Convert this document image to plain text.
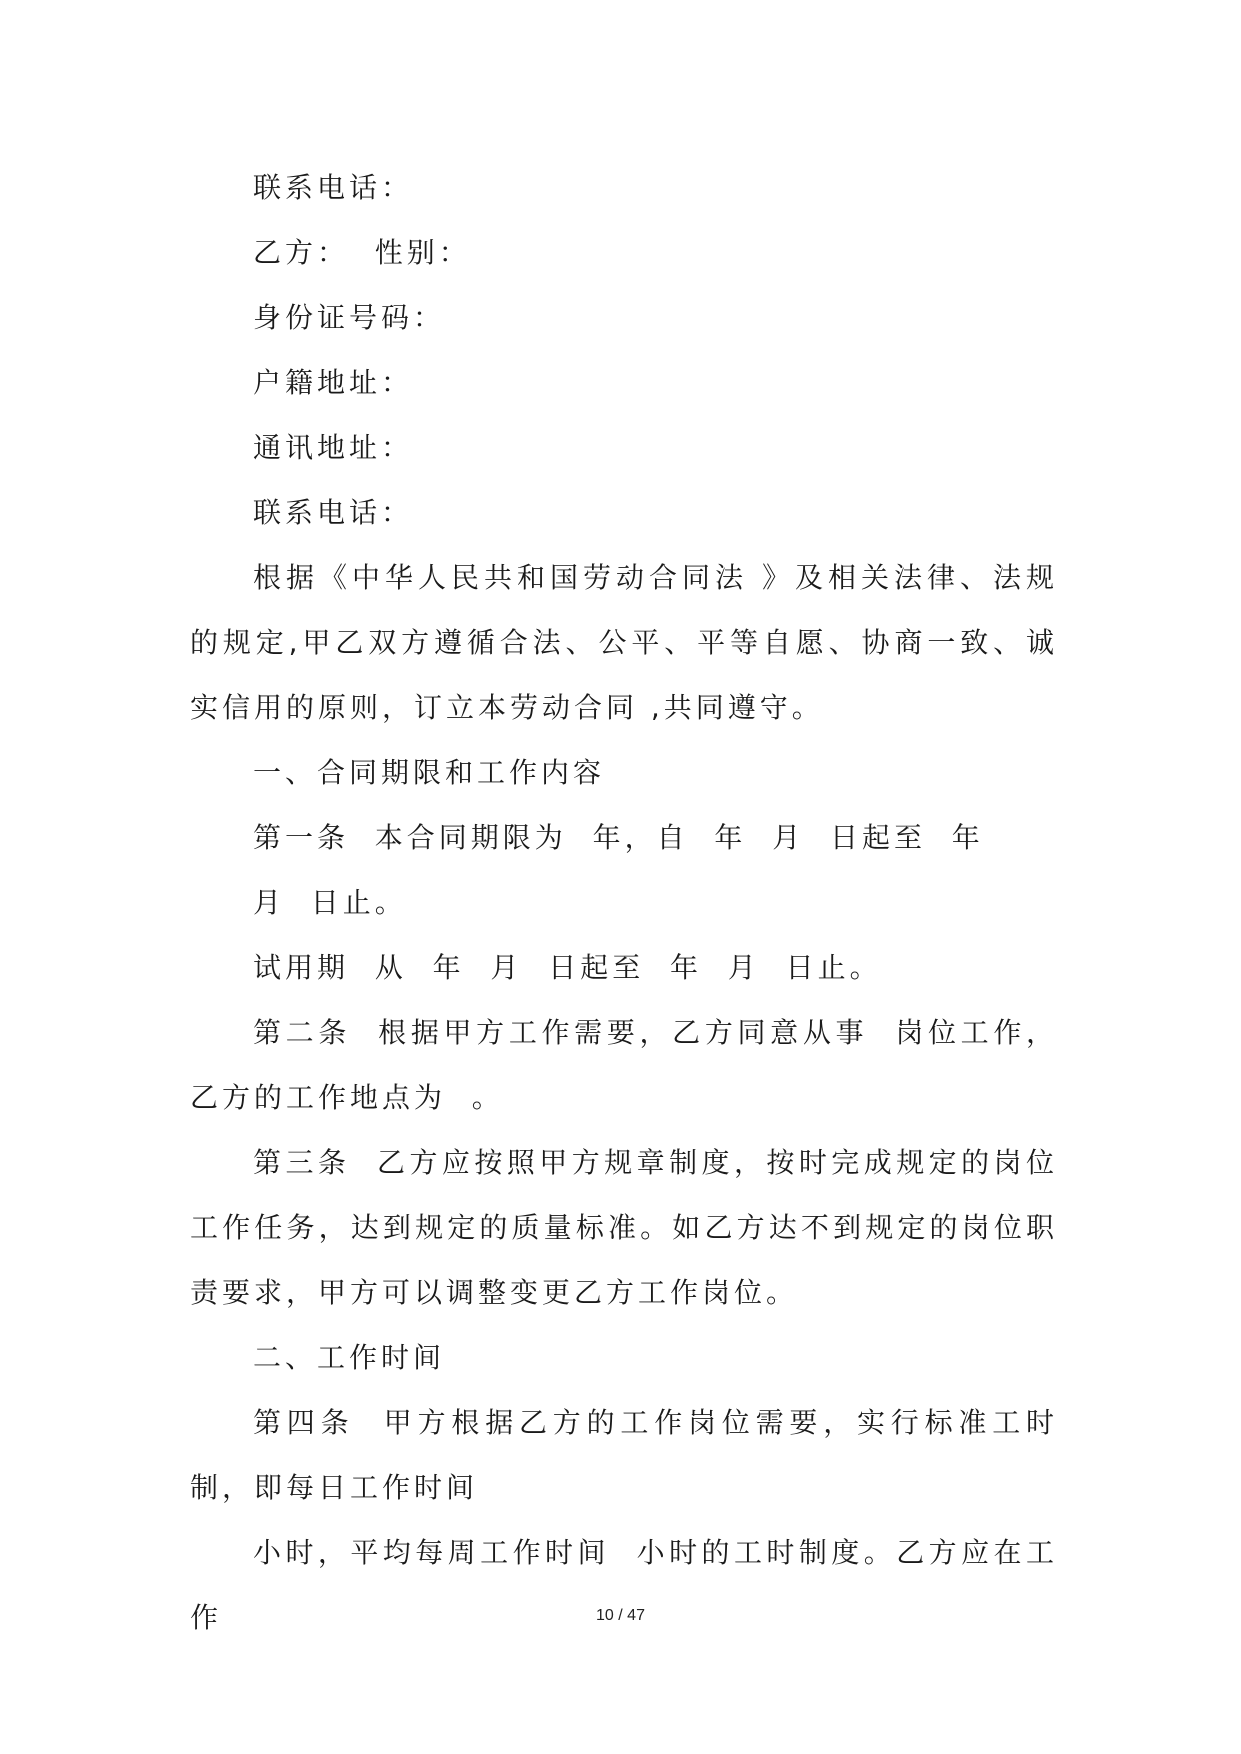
联系电话：

乙方：  性别：

身份证号码：

户籍地址：

通讯地址：

联系电话：

根据《中华人民共和国劳动合同法 》及相关法律、法规的规定,甲乙双方遵循合法、公平、平等自愿、协商一致、诚实信用的原则，订立本劳动合同 ,共同遵守。

一、合同期限和工作内容

第一条  本合同期限为  年，自  年  月  日起至  年

月  日止。

试用期  从  年  月  日起至  年  月  日止。

第二条  根据甲方工作需要，乙方同意从事  岗位工作，乙方的工作地点为  。

第三条  乙方应按照甲方规章制度，按时完成规定的岗位工作任务，达到规定的质量标准。如乙方达不到规定的岗位职责要求，甲方可以调整变更乙方工作岗位。

二、工作时间

第四条  甲方根据乙方的工作岗位需要，实行标准工时制，即每日工作时间

小时，平均每周工作时间  小时的工时制度。乙方应在工作	10 / 47
